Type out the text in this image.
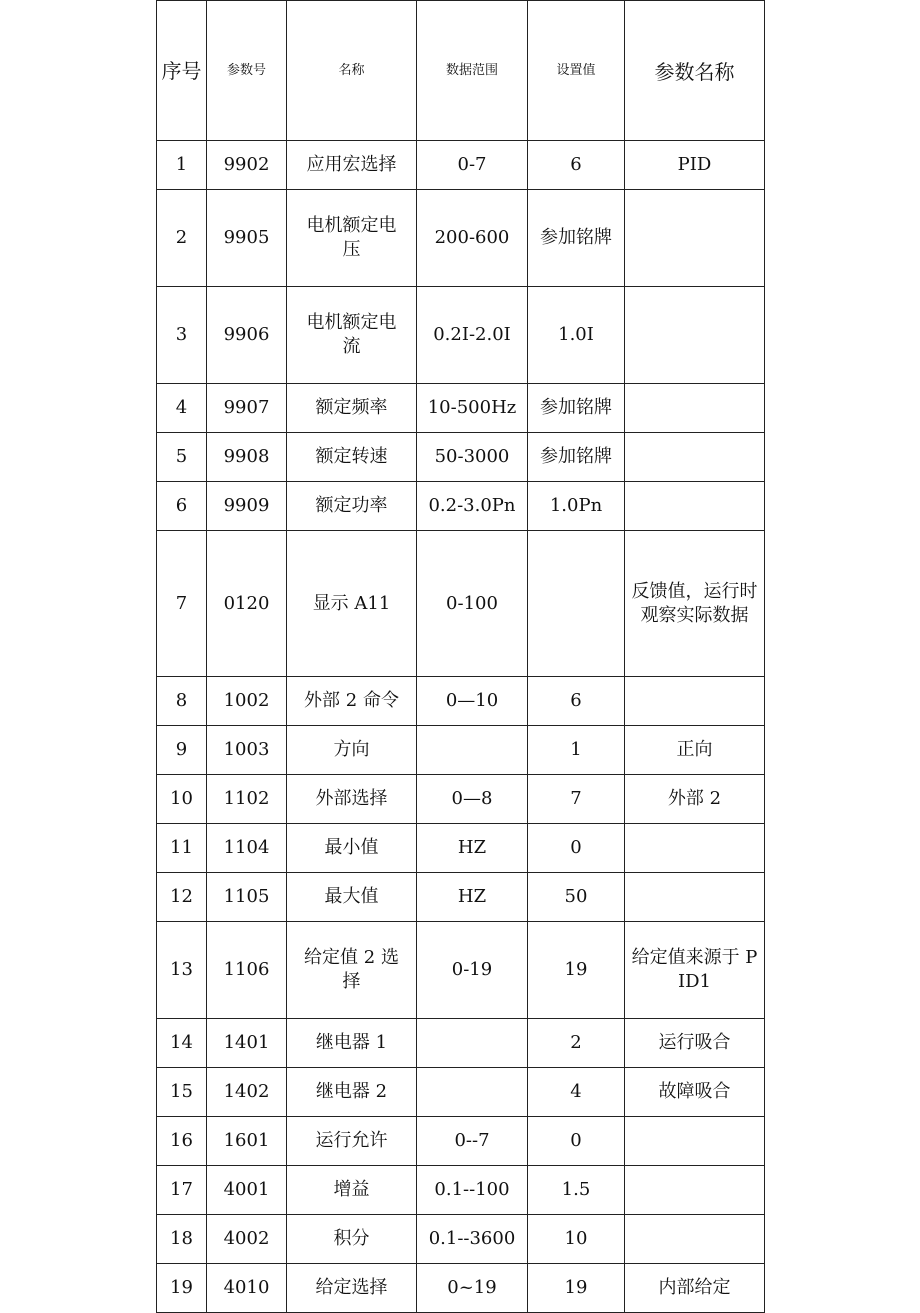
序号	参数号	名称	数据范围	设置值	参数名称
1	9902	应用宏选择	0-7	6	PID
2	9905	电机额定电压	200-600	参加铭牌	
3	9906	电机额定电流	0.2I-2.0I	1.0I	
4	9907	额定频率	10-500Hz	参加铭牌	
5	9908	额定转速	50-3000	参加铭牌	
6	9909	额定功率	0.2-3.0Pn	1.0Pn	
7	0120	显示 A11	0-100		反馈值，运行时观察实际数据
8	1002	外部 2 命令	0—10	6	
9	1003	方向		1	正向
10	1102	外部选择	0—8	7	外部 2
11	1104	最小值	HZ	0	
12	1105	最大值	HZ	50	
13	1106	给定值 2 选择	0-19	19	给定值来源于 PID1
14	1401	继电器 1		2	运行吸合
15	1402	继电器 2		4	故障吸合
16	1601	运行允许	0--7	0	
17	4001	增益	0.1--100	1.5	
18	4002	积分	0.1--3600	10	
19	4010	给定选择	0~19	19	内部给定
